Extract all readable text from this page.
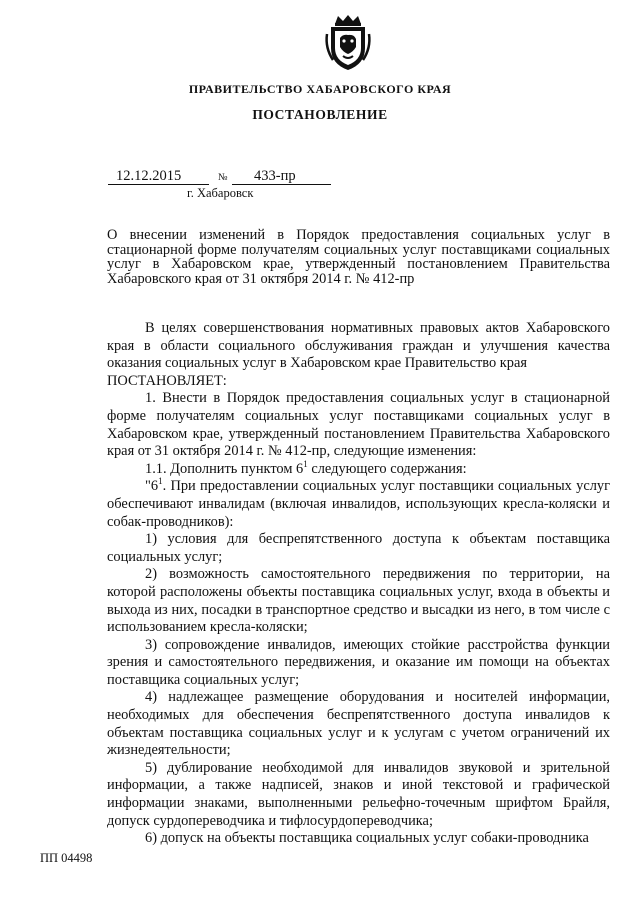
ПРАВИТЕЛЬСТВО ХАБАРОВСКОГО КРАЯ
ПОСТАНОВЛЕНИЕ
12.12.2015	№ 433-пр
г. Хабаровск
О внесении изменений в Порядок предоставления социальных услуг в стационарной форме получателям социальных услуг поставщиками социальных услуг в Хабаровском крае, утвержденный постановлением Правительства Хабаровского края от 31 октября 2014 г. № 412-пр

В целях совершенствования нормативных правовых актов Хабаровского края в области социального обслуживания граждан и улучшения качества оказания социальных услуг в Хабаровском крае Правительство края

ПОСТАНОВЛЯЕТ:

1. Внести в Порядок предоставления социальных услуг в стационарной форме получателям социальных услуг поставщиками социальных услуг в Хабаровском крае, утвержденный постановлением Правительства Хабаровского края от 31 октября 2014 г. № 412-пр, следующие изменения:

1.1. Дополнить пунктом $6^1$ следующего содержания:

"$6^1$. При предоставлении социальных услуг поставщики социальных услуг обеспечивают инвалидам (включая инвалидов, использующих кресла-коляски и собак-проводников):

1) условия для беспрепятственного доступа к объектам поставщика социальных услуг;

2) возможность самостоятельного передвижения по территории, на которой расположены объекты поставщика социальных услуг, входа в объекты и выхода из них, посадки в транспортное средство и высадки из него, в том числе с использованием кресла-коляски;

3) сопровождение инвалидов, имеющих стойкие расстройства функции зрения и самостоятельного передвижения, и оказание им помощи на объектах поставщика социальных услуг;

4) надлежащее размещение оборудования и носителей информации, необходимых для обеспечения беспрепятственного доступа инвалидов к объектам поставщика социальных услуг и к услугам с учетом ограничений их жизнедеятельности;

5) дублирование необходимой для инвалидов звуковой и зрительной информации, а также надписей, знаков и иной текстовой и графической информации знаками, выполненными рельефно-точечным шрифтом Брайля, допуск сурдопереводчика и тифлосурдопереводчика;

6) допуск на объекты поставщика социальных услуг собаки-проводника

ПП 04498
